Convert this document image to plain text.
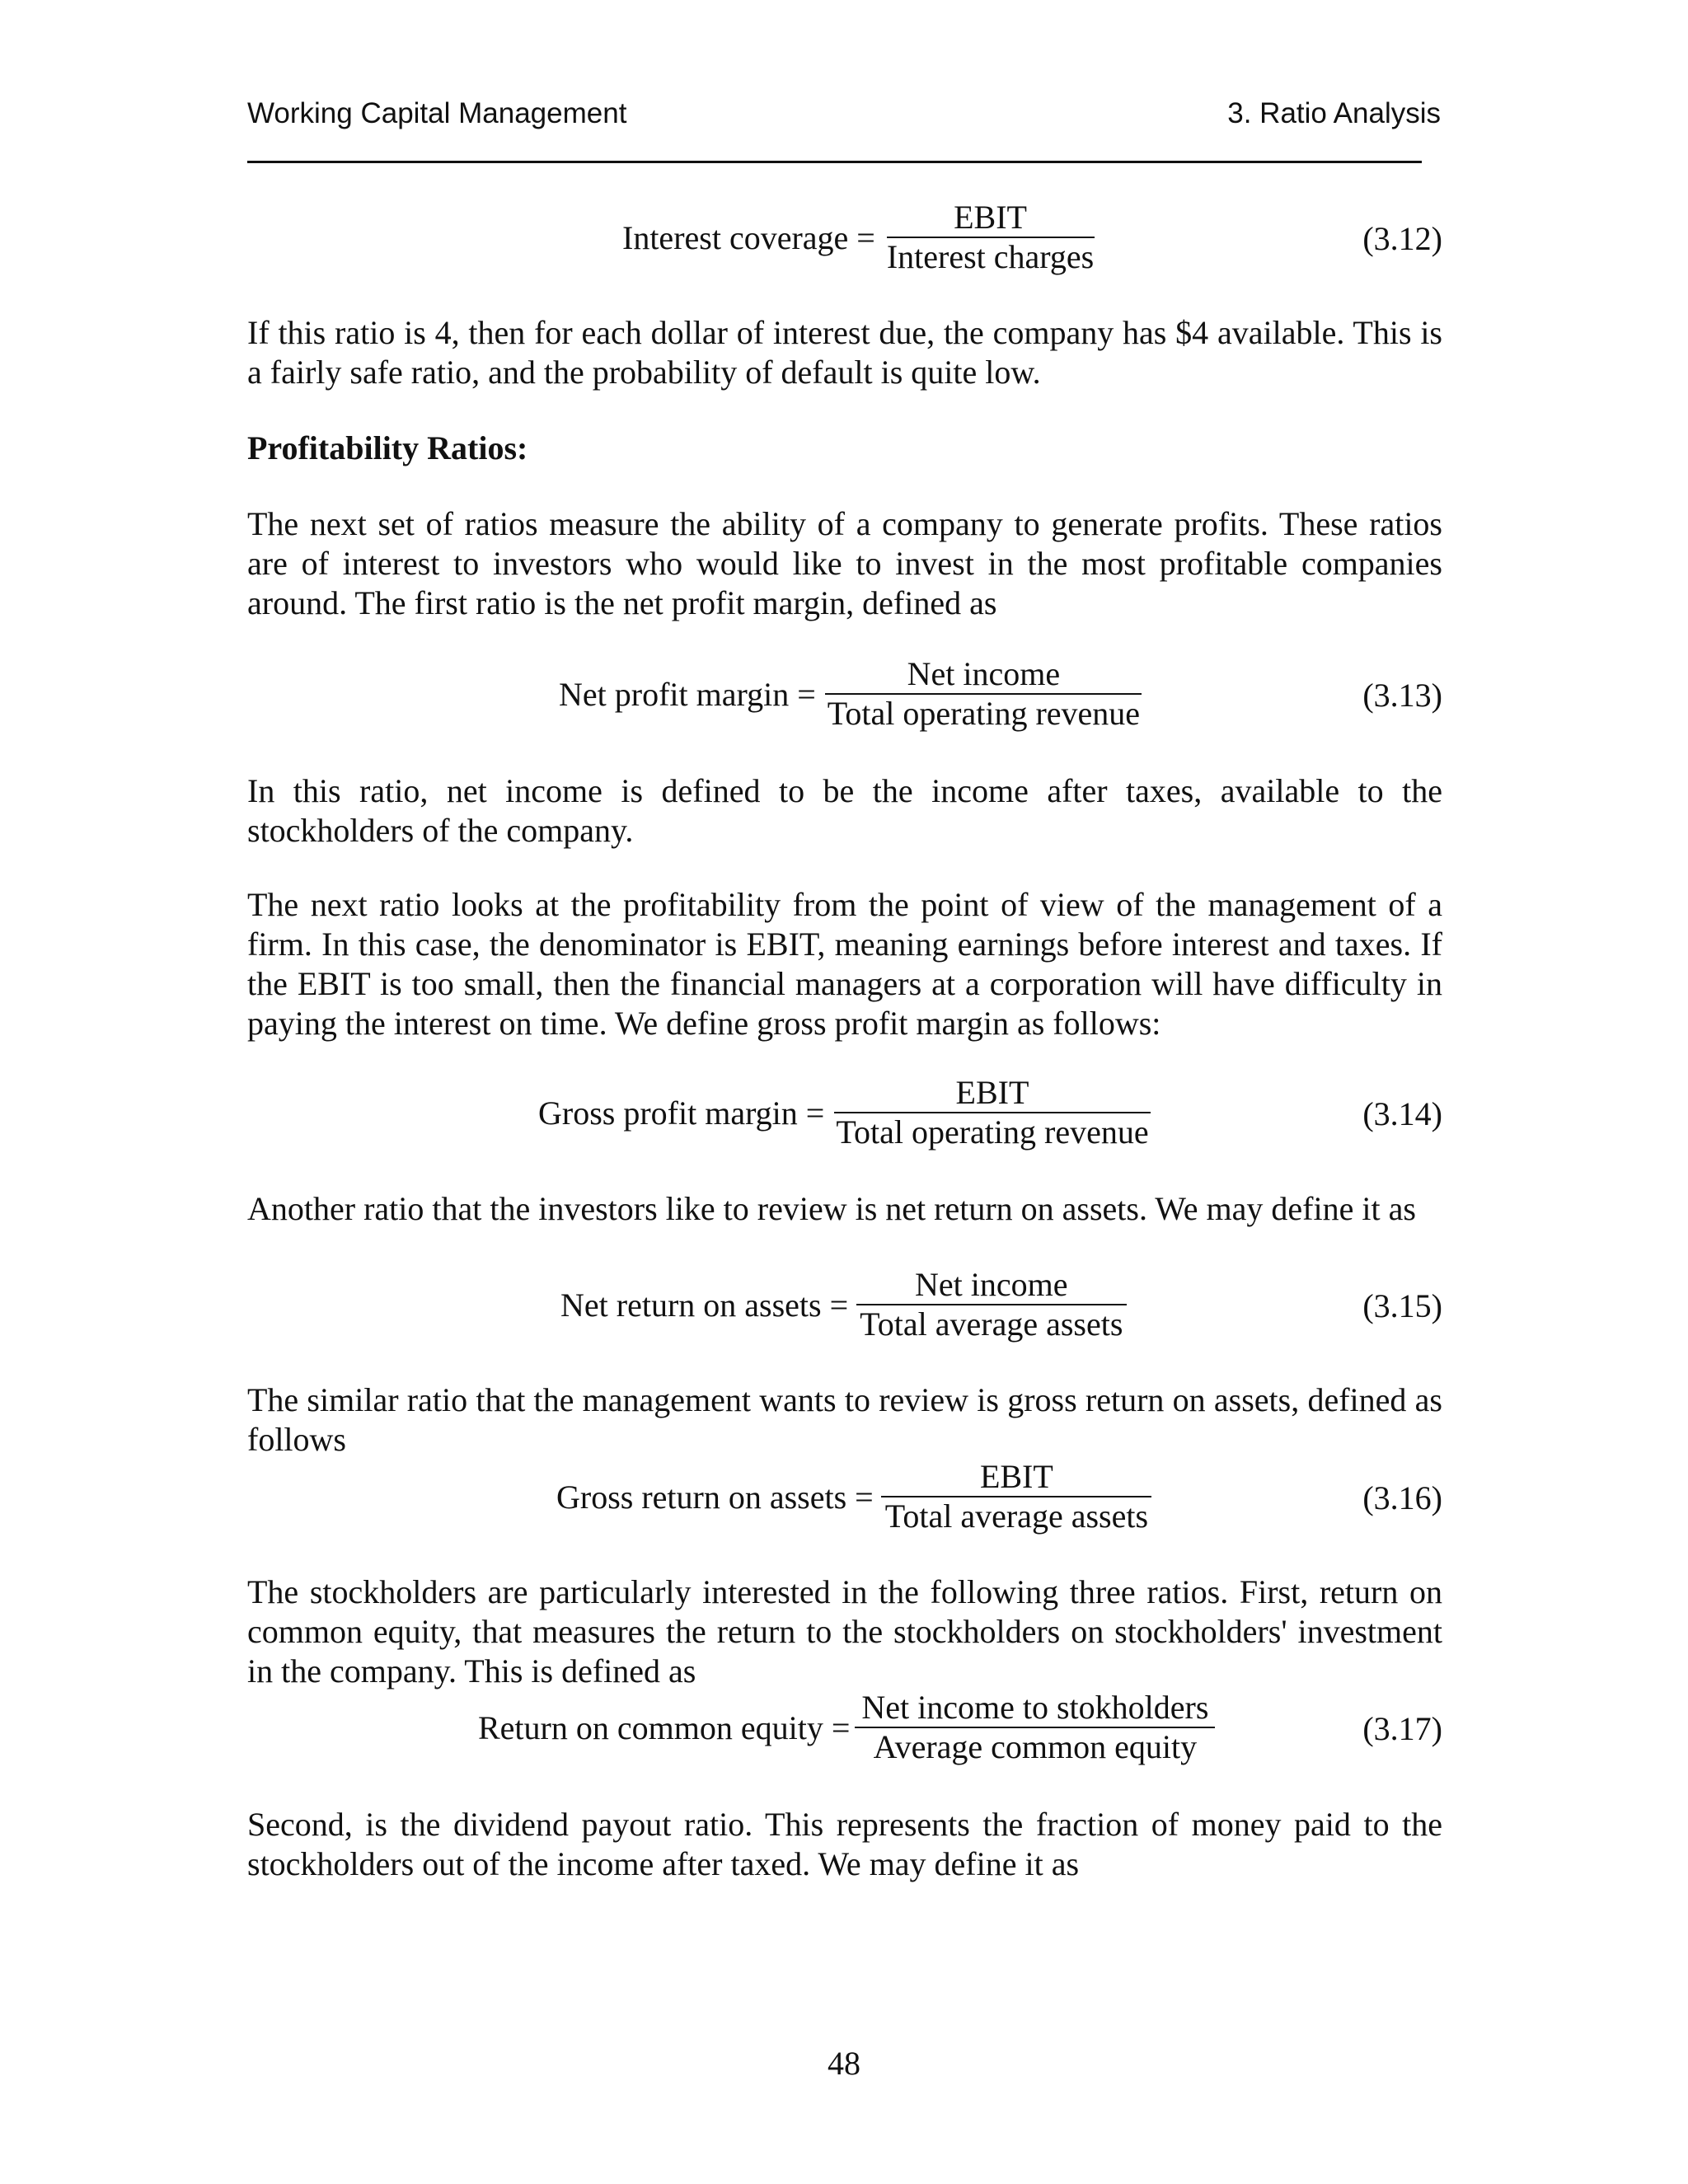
Working Capital Management	3. Ratio Analysis
Interest coverage = $\frac{\text{EBIT}}{\text{Interest charges}}$	(3.12)

If this ratio is 4, then for each dollar of interest due, the company has $4 available. This is a fairly safe ratio, and the probability of default is quite low.

Profitability Ratios:

The next set of ratios measure the ability of a company to generate profits. These ratios are of interest to investors who would like to invest in the most profitable companies around. The first ratio is the net profit margin, defined as

Net profit margin = $\frac{\text{Net income}}{\text{Total operating revenue}}$	(3.13)

In this ratio, net income is defined to be the income after taxes, available to the stockholders of the company.

The next ratio looks at the profitability from the point of view of the management of a firm. In this case, the denominator is EBIT, meaning earnings before interest and taxes. If the EBIT is too small, then the financial managers at a corporation will have difficulty in paying the interest on time. We define gross profit margin as follows:

Gross profit margin = $\frac{\text{EBIT}}{\text{Total operating revenue}}$	(3.14)

Another ratio that the investors like to review is net return on assets. We may define it as

Net return on assets = $\frac{\text{Net income}}{\text{Total average assets}}$	(3.15)

The similar ratio that the management wants to review is gross return on assets, defined as follows

Gross return on assets = $\frac{\text{EBIT}}{\text{Total average assets}}$	(3.16)

The stockholders are particularly interested in the following three ratios. First, return on common equity, that measures the return to the stockholders on stockholders' investment in the company. This is defined as

Return on common equity = $\frac{\text{Net income to stokholders}}{\text{Average common equity}}$	(3.17)

Second, is the dividend payout ratio. This represents the fraction of money paid to the stockholders out of the income after taxed. We may define it as

48
